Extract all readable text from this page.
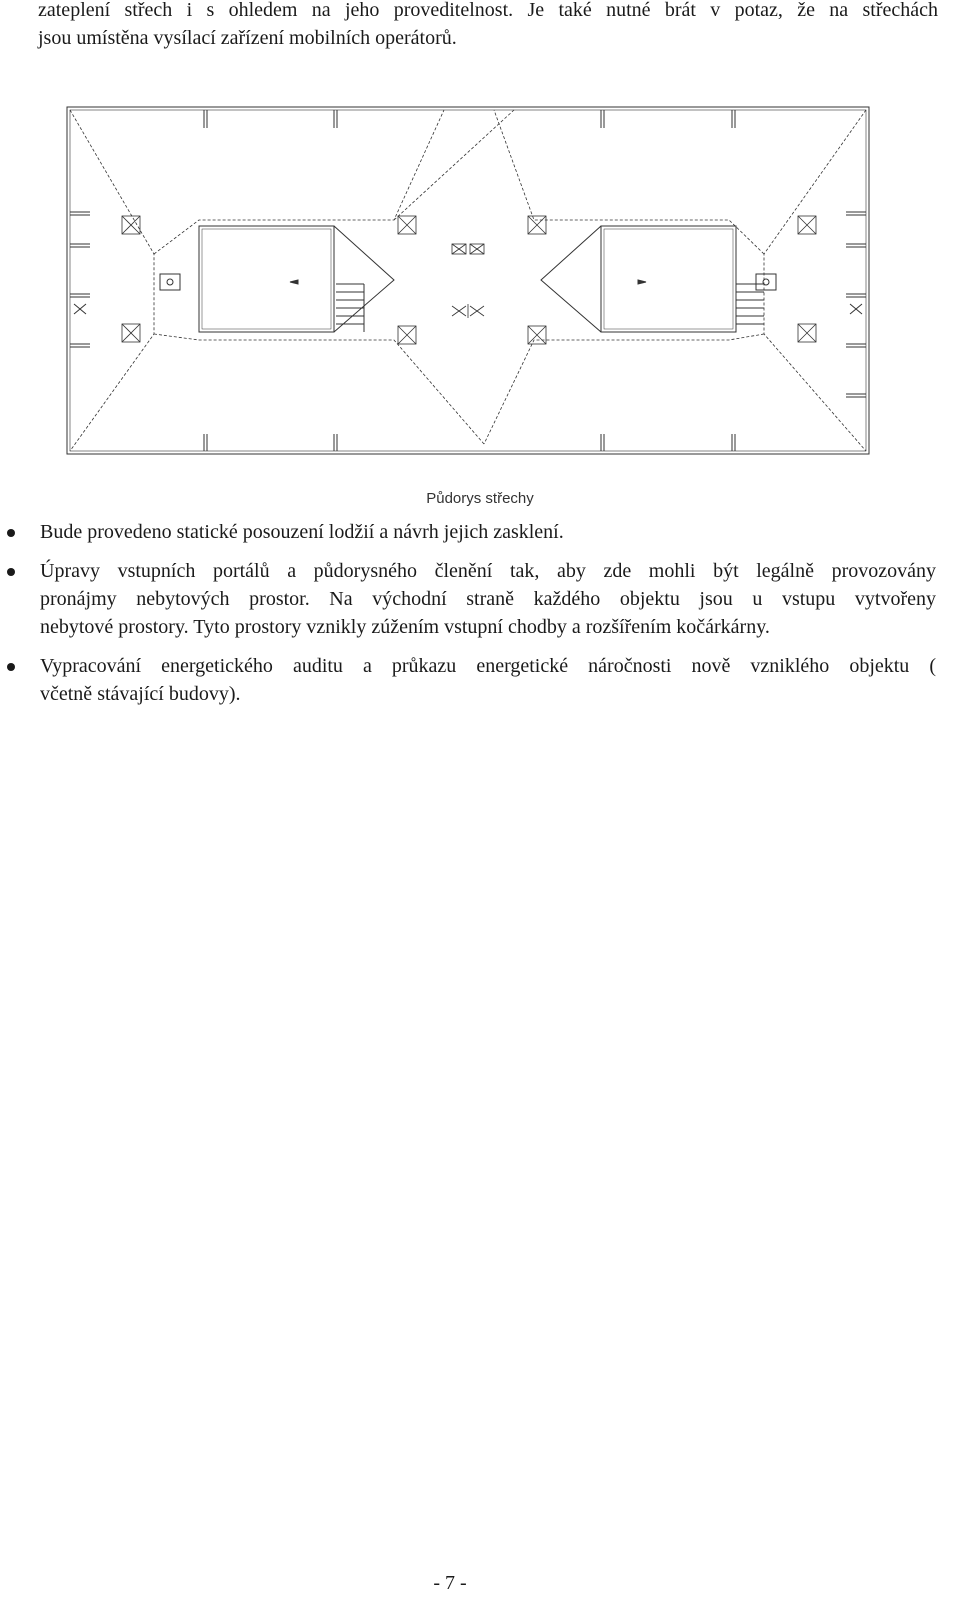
zateplení střech i s ohledem na jeho proveditelnost. Je také nutné brát v potaz, že na střechách
jsou umístěna vysílací zařízení mobilních operátorů.

Půdorys střechy
Bude provedeno statické posouzení lodžií a návrh jejich zasklení.
Úpravy vstupních portálů a půdorysného členění tak, aby zde mohli být legálně provozovány
pronájmy nebytových prostor. Na východní straně každého objektu jsou u vstupu vytvořeny
nebytové prostory. Tyto prostory vznikly zúžením vstupní chodby a rozšířením kočárkárny.
Vypracování energetického auditu a průkazu energetické náročnosti nově vzniklého objektu (
včetně stávající budovy).
- 7 -
